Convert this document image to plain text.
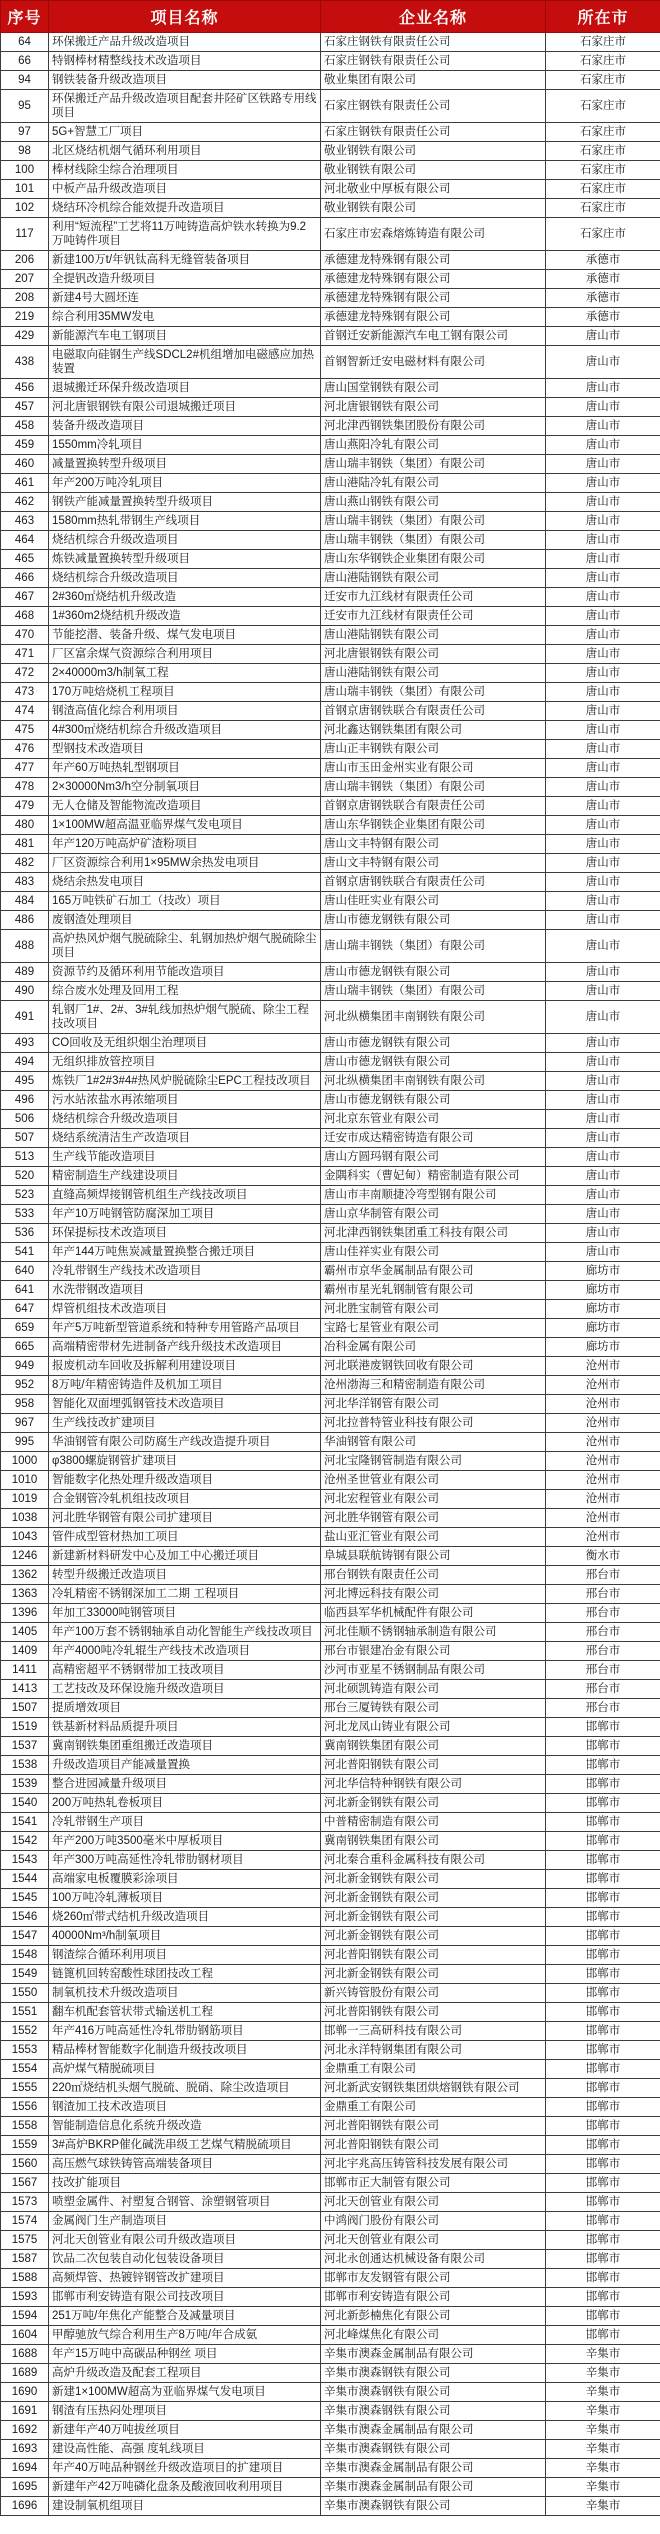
序号	项目名称	企业名称	所在市
64	环保搬迁产品升级改造项目	石家庄钢铁有限责任公司	石家庄市
66	特钢棒材精整线技术改造项目	石家庄钢铁有限责任公司	石家庄市
94	钢铁装备升级改造项目	敬业集团有限公司	石家庄市
95	环保搬迁产品升级改造项目配套井陉矿区铁路专用线项目	石家庄钢铁有限责任公司	石家庄市
97	5G+智慧工厂项目	石家庄钢铁有限责任公司	石家庄市
98	北区烧结机烟气循环利用项目	敬业钢铁有限公司	石家庄市
100	棒材线除尘综合治理项目	敬业钢铁有限公司	石家庄市
101	中板产品升级改造项目	河北敬业中厚板有限公司	石家庄市
102	烧结环冷机综合能效提升改造项目	敬业钢铁有限公司	石家庄市
117	利用“短流程”工艺将11万吨铸造高炉铁水转换为9.2万吨铸件项目	石家庄市宏森熔炼铸造有限公司	石家庄市
206	新建100万t/年钒钛高科无缝管装备项目	承德建龙特殊钢有限公司	承德市
207	全提钒改造升级项目	承德建龙特殊钢有限公司	承德市
208	新建4号大圆坯连	承德建龙特殊钢有限公司	承德市
219	综合利用35MW发电	承德建龙特殊钢有限公司	承德市
429	新能源汽车电工钢项目	首钢迁安新能源汽车电工钢有限公司	唐山市
438	电磁取向硅钢生产线SDCL2#机组增加电磁感应加热装置	首钢智新迁安电磁材料有限公司	唐山市
456	退城搬迁环保升级改造项目	唐山国堂钢铁有限公司	唐山市
457	河北唐银钢铁有限公司退城搬迁项目	河北唐银钢铁有限公司	唐山市
458	装备升级改造项目	河北津西钢铁集团股份有限公司	唐山市
459	1550mm冷轧项目	唐山燕阳冷轧有限公司	唐山市
460	减量置换转型升级项目	唐山瑞丰钢铁（集团）有限公司	唐山市
461	年产200万吨冷轧项目	唐山港陆冷轧有限公司	唐山市
462	钢铁产能减量置换转型升级项目	唐山燕山钢铁有限公司	唐山市
463	1580mm热轧带钢生产线项目	唐山瑞丰钢铁（集团）有限公司	唐山市
464	烧结机综合升级改造项目	唐山瑞丰钢铁（集团）有限公司	唐山市
465	炼铁减量置换转型升级项目	唐山东华钢铁企业集团有限公司	唐山市
466	烧结机综合升级改造项目	唐山港陆钢铁有限公司	唐山市
467	2#360㎡烧结机升级改造	迁安市九江线材有限责任公司	唐山市
468	1#360m2烧结机升级改造	迁安市九江线材有限责任公司	唐山市
470	节能挖潜、装备升级、煤气发电项目	唐山港陆钢铁有限公司	唐山市
471	厂区富余煤气资源综合利用项目	河北唐银钢铁有限公司	唐山市
472	2×40000m3/h制氧工程	唐山港陆钢铁有限公司	唐山市
473	170万吨焙烧机工程项目	唐山瑞丰钢铁（集团）有限公司	唐山市
474	钢渣高值化综合利用项目	首钢京唐钢铁联合有限责任公司	唐山市
475	4#300㎡烧结机综合升级改造项目	河北鑫达钢铁集团有限公司	唐山市
476	型钢技术改造项目	唐山正丰钢铁有限公司	唐山市
477	年产60万吨热轧型钢项目	唐山市玉田金州实业有限公司	唐山市
478	2×30000Nm3/h空分制氧项目	唐山瑞丰钢铁（集团）有限公司	唐山市
479	无人仓储及智能物流改造项目	首钢京唐钢铁联合有限责任公司	唐山市
480	1×100MW超高温亚临界煤气发电项目	唐山东华钢铁企业集团有限公司	唐山市
481	年产120万吨高炉矿渣粉项目	唐山文丰特钢有限公司	唐山市
482	厂区资源综合利用1×95MW余热发电项目	唐山文丰特钢有限公司	唐山市
483	烧结余热发电项目	首钢京唐钢铁联合有限责任公司	唐山市
484	165万吨铁矿石加工（技改）项目	唐山佳旺实业有限公司	唐山市
486	废钢渣处理项目	唐山市德龙钢铁有限公司	唐山市
488	高炉热风炉烟气脱硫除尘、轧钢加热炉烟气脱硫除尘项目	唐山瑞丰钢铁（集团）有限公司	唐山市
489	资源节约及循环利用节能改造项目	唐山市德龙钢铁有限公司	唐山市
490	综合废水处理及回用工程	唐山瑞丰钢铁（集团）有限公司	唐山市
491	轧钢厂1#、2#、3#轧线加热炉烟气脱硫、除尘工程技改项目	河北纵横集团丰南钢铁有限公司	唐山市
493	CO回收及无组织烟尘治理项目	唐山市德龙钢铁有限公司	唐山市
494	无组织排放管控项目	唐山市德龙钢铁有限公司	唐山市
495	炼铁厂1#2#3#4#热风炉脱硫除尘EPC工程技改项目	河北纵横集团丰南钢铁有限公司	唐山市
496	污水站浓盐水再浓缩项目	唐山市德龙钢铁有限公司	唐山市
506	烧结机综合升级改造项目	河北京东管业有限公司	唐山市
507	烧结系统清洁生产改造项目	迁安市成达精密铸造有限公司	唐山市
513	生产线节能改造项目	唐山方圆玛钢有限公司	唐山市
520	精密制造生产线建设项目	金隅科实（曹妃甸）精密制造有限公司	唐山市
523	直缝高频焊接钢管机组生产线技改项目	唐山市丰南顺捷冷弯型钢有限公司	唐山市
533	年产10万吨钢管防腐深加工项目	唐山京华制管有限公司	唐山市
536	环保提标技术改造项目	河北津西钢铁集团重工科技有限公司	唐山市
541	年产144万吨焦炭减量置换整合搬迁项目	唐山佳祥实业有限公司	唐山市
640	冷轧带钢生产线技术改造项目	霸州市京华金属制品有限公司	廊坊市
641	水洗带钢改造项目	霸州市星光轧钢制管有限公司	廊坊市
647	焊管机组技术改造项目	河北胜宝制管有限公司	廊坊市
659	年产5万吨新型管道系统和特种专用管路产品项目	宝路七星管业有限公司	廊坊市
665	高端精密带材先进制备产线升级技术改造项目	冶科金属有限公司	廊坊市
949	报废机动车回收及拆解利用建设项目	河北联港废钢铁回收有限公司	沧州市
952	8万吨/年精密铸造件及机加工项目	沧州渤海三和精密制造有限公司	沧州市
958	智能化双面埋弧钢管技术改造项目	河北华洋钢管有限公司	沧州市
967	生产线技改扩建项目	河北拉普特管业科技有限公司	沧州市
995	华油钢管有限公司防腐生产线改造提升项目	华油钢管有限公司	沧州市
1000	φ3800螺旋钢管扩建项目	河北宝隆钢管制造有限公司	沧州市
1010	智能数字化热处理升级改造项目	沧州圣世管业有限公司	沧州市
1019	合金钢管冷轧机组技改项目	河北宏程管业有限公司	沧州市
1038	河北胜华钢管有限公司扩建项目	河北胜华钢管有限公司	沧州市
1043	管件成型管材热加工项目	盐山亚汇管业有限公司	沧州市
1246	新建新材料研发中心及加工中心搬迁项目	阜城县联航铸钢有限公司	衡水市
1362	转型升级搬迁改造项目	邢台钢铁有限责任公司	邢台市
1363	冷轧精密不锈钢深加工二期 工程项目	河北博远科技有限公司	邢台市
1396	年加工33000吨钢管项目	临西县军华机械配件有限公司	邢台市
1405	年产100万套不锈钢轴承自动化智能生产线技改项目	河北佳顺不锈钢轴承制造有限公司	邢台市
1409	年产4000吨冷轧辊生产线技术改造项目	邢台市银建冶金有限公司	邢台市
1411	高精密超平不锈钢带加工技改项目	沙河市亚星不锈钢制品有限公司	邢台市
1413	工艺技改及环保设施升级改造项目	河北硕凯铸造有限公司	邢台市
1507	提质增效项目	邢台三厦铸铁有限公司	邢台市
1519	铁基新材料品质提升项目	河北龙凤山铸业有限公司	邯郸市
1537	冀南钢铁集团重组搬迁改造项目	冀南钢铁集团有限公司	邯郸市
1538	升级改造项目产能减量置换	河北普阳钢铁有限公司	邯郸市
1539	整合进园减量升级项目	河北华信特种钢铁有限公司	邯郸市
1540	200万吨热轧卷板项目	河北新金钢铁有限公司	邯郸市
1541	冷轧带钢生产项目	中普精密制造有限公司	邯郸市
1542	年产200万吨3500毫米中厚板项目	冀南钢铁集团有限公司	邯郸市
1543	年产300万吨高延性冷轧带肋钢材项目	河北秦合重科金属科技有限公司	邯郸市
1544	高端家电板覆膜彩涂项目	河北新金钢铁有限公司	邯郸市
1545	100万吨冷轧薄板项目	河北新金钢铁有限公司	邯郸市
1546	烧260㎡带式结机升级改造项目	河北新金钢铁有限公司	邯郸市
1547	40000Nm³/h制氧项目	河北新金钢铁有限公司	邯郸市
1548	钢渣综合循环利用项目	河北普阳钢铁有限公司	邯郸市
1549	链篦机回转窑酸性球团技改工程	河北新金钢铁有限公司	邯郸市
1550	制氧机技术升级改造项目	新兴铸管股份有限公司	邯郸市
1551	翻车机配套管状带式输送机工程	河北普阳钢铁有限公司	邯郸市
1552	年产416万吨高延性冷轧带肋钢筋项目	邯郸一三高研科技有限公司	邯郸市
1553	精品棒材智能数字化制造升级技改项目	河北永洋特钢集团有限公司	邯郸市
1554	高炉煤气精脱硫项目	金鼎重工有限公司	邯郸市
1555	220㎡烧结机头烟气脱硫、脱硝、除尘改造项目	河北新武安钢铁集团烘熔钢铁有限公司	邯郸市
1556	钢渣加工技术改造项目	金鼎重工有限公司	邯郸市
1558	智能制造信息化系统升级改造	河北普阳钢铁有限公司	邯郸市
1559	3#高炉BKRP催化碱洗串级工艺煤气精脱硫项目	河北普阳钢铁有限公司	邯郸市
1560	高压燃气球铁铸管高端装备项目	河北宇兆高压铸管科技发展有限公司	邯郸市
1567	技改扩能项目	邯郸市正大制管有限公司	邯郸市
1573	喷塑金属件、衬塑复合钢管、涂塑钢管项目	河北天创管业有限公司	邯郸市
1574	金属阀门生产制造项目	中鸿阀门股份有限公司	邯郸市
1575	河北天创管业有限公司升级改造项目	河北天创管业有限公司	邯郸市
1587	饮品二次包装自动化包装设备项目	河北永创通达机械设备有限公司	邯郸市
1588	高频焊管、热镀锌钢管改扩建项目	邯郸市友发钢管有限公司	邯郸市
1593	邯郸市利安铸造有限公司技改项目	邯郸市利安铸造有限公司	邯郸市
1594	251万吨/年焦化产能整合及减量项目	河北新彭楠焦化有限公司	邯郸市
1604	甲醇驰放气综合利用生产8万吨/年合成氨	河北峰煤焦化有限公司	邯郸市
1688	年产15万吨中高碳品种钢丝 项目	辛集市澳森金属制品有限公司	辛集市
1689	高炉升级改造及配套工程项目	辛集市澳森钢铁有限公司	辛集市
1690	新建1×100MW超高为亚临界煤气发电项目	辛集市澳森钢铁有限公司	辛集市
1691	钢渣有压热闷处理项目	辛集市澳森钢铁有限公司	辛集市
1692	新建年产40万吨拔丝项目	辛集市澳森金属制品有限公司	辛集市
1693	建设高性能、高强 度轧线项目	辛集市澳森钢铁有限公司	辛集市
1694	年产40万吨品种钢丝升级改造项目的扩建项目	辛集市澳森金属制品有限公司	辛集市
1695	新建年产42万吨磷化盘条及酸液回收利用项目	辛集市澳森金属制品有限公司	辛集市
1696	建设制氧机组项目	辛集市澳森钢铁有限公司	辛集市
